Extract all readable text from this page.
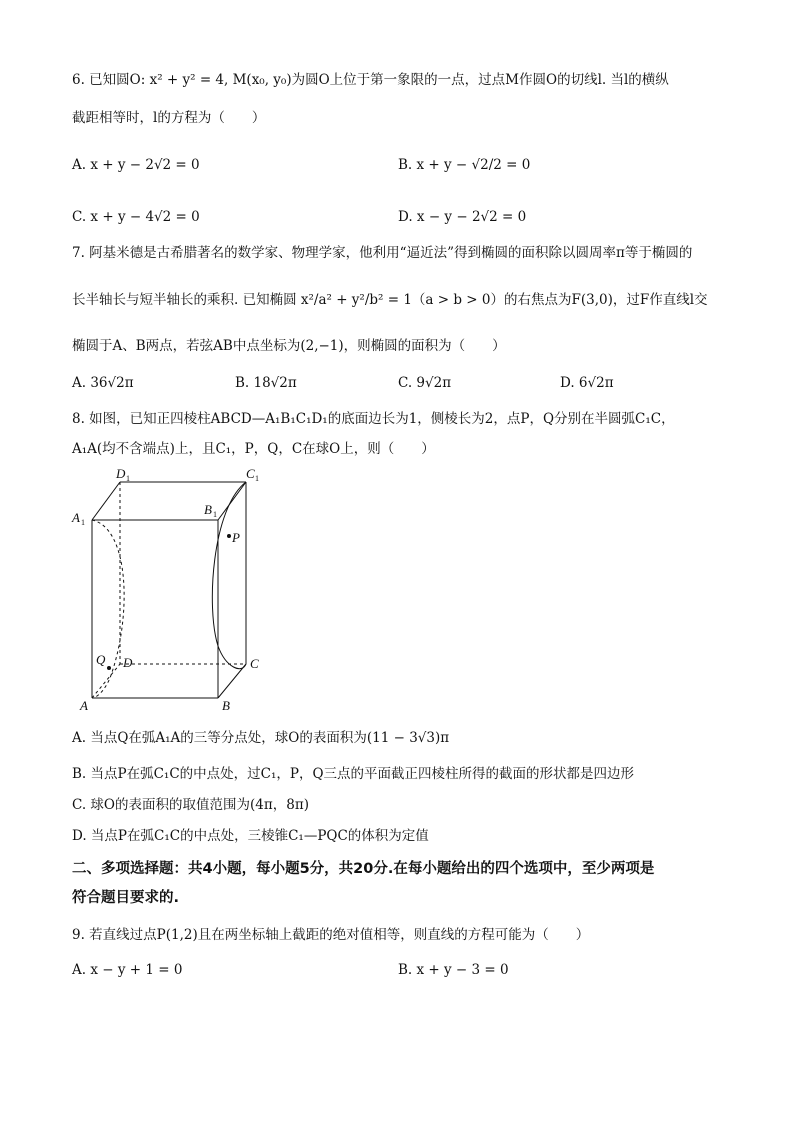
6. 已知圆O: x² + y² = 4, M(x₀, y₀)为圆O上位于第一象限的一点，过点M作圆O的切线l. 当l的横纵
截距相等时，l的方程为（　　）
A. x + y − 2√2 = 0	B. x + y − √2/2 = 0
C. x + y − 4√2 = 0	D. x − y − 2√2 = 0
7. 阿基米德是古希腊著名的数学家、物理学家，他利用“逼近法”得到椭圆的面积除以圆周率π等于椭圆的
长半轴长与短半轴长的乘积. 已知椭圆 x²/a² + y²/b² = 1（a > b > 0）的右焦点为F(3,0)，过F作直线l交
椭圆于A、B两点，若弦AB中点坐标为(2,−1)，则椭圆的面积为（　　）
A. 36√2π	B. 18√2π	C. 9√2π	D. 6√2π
8. 如图，已知正四棱柱ABCD—A₁B₁C₁D₁的底面边长为1，侧棱长为2，点P，Q分别在半圆弧C₁C，
A₁A(均不含端点)上，且C₁，P，Q，C在球O上，则（　　）
D 1	C 1
A 1
B 1
P
Q D	C
A	B
A. 当点Q在弧A₁A的三等分点处，球O的表面积为(11 − 3√3)π
B. 当点P在弧C₁C的中点处，过C₁，P，Q三点的平面截正四棱柱所得的截面的形状都是四边形
C. 球O的表面积的取值范围为(4π，8π)
D. 当点P在弧C₁C的中点处，三棱锥C₁—PQC的体积为定值
二、多项选择题：共4小题，每小题5分，共20分.在每小题给出的四个选项中，至少两项是
符合题目要求的.
9. 若直线过点P(1,2)且在两坐标轴上截距的绝对值相等，则直线的方程可能为（　　）
A. x − y + 1 = 0	B. x + y − 3 = 0
